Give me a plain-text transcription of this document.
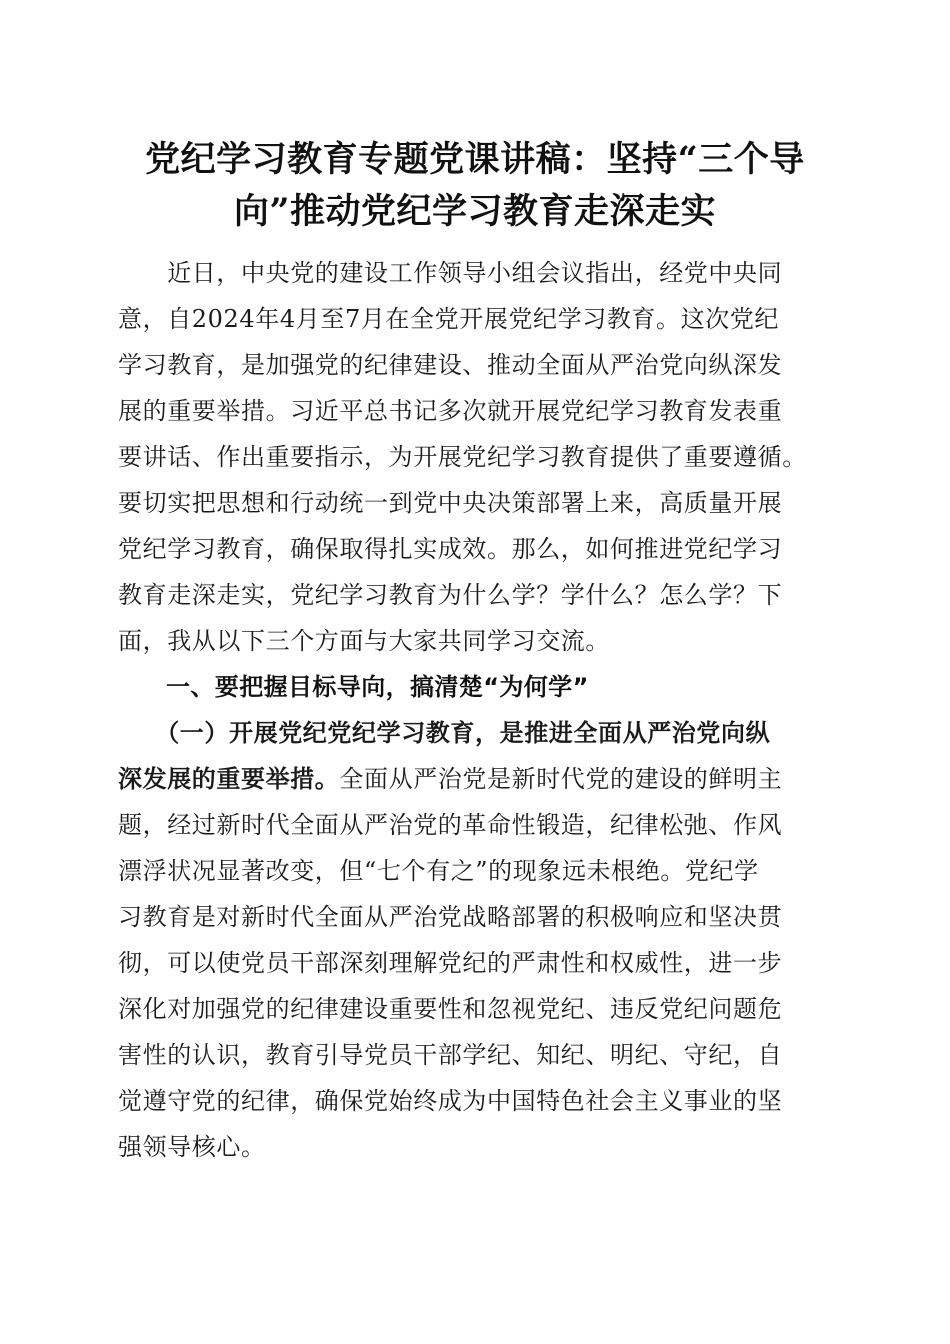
党纪学习教育专题党课讲稿：坚持“三个导
向”推动党纪学习教育走深走实
　　近日，中央党的建设工作领导小组会议指出，经党中央同
意，自2024年4月至7月在全党开展党纪学习教育。这次党纪
学习教育，是加强党的纪律建设、推动全面从严治党向纵深发
展的重要举措。习近平总书记多次就开展党纪学习教育发表重
要讲话、作出重要指示，为开展党纪学习教育提供了重要遵循。
要切实把思想和行动统一到党中央决策部署上来，高质量开展
党纪学习教育，确保取得扎实成效。那么，如何推进党纪学习
教育走深走实，党纪学习教育为什么学？学什么？怎么学？下
面，我从以下三个方面与大家共同学习交流。
一、要把握目标导向，搞清楚“为何学”
　　（一）开展党纪党纪学习教育，是推进全面从严治党向纵
深发展的重要举措。全面从严治党是新时代党的建设的鲜明主
题，经过新时代全面从严治党的革命性锻造，纪律松弛、作风
漂浮状况显著改变，但“七个有之”的现象远未根绝。党纪学
习教育是对新时代全面从严治党战略部署的积极响应和坚决贯
彻，可以使党员干部深刻理解党纪的严肃性和权威性，进一步
深化对加强党的纪律建设重要性和忽视党纪、违反党纪问题危
害性的认识，教育引导党员干部学纪、知纪、明纪、守纪，自
觉遵守党的纪律，确保党始终成为中国特色社会主义事业的坚
强领导核心。
